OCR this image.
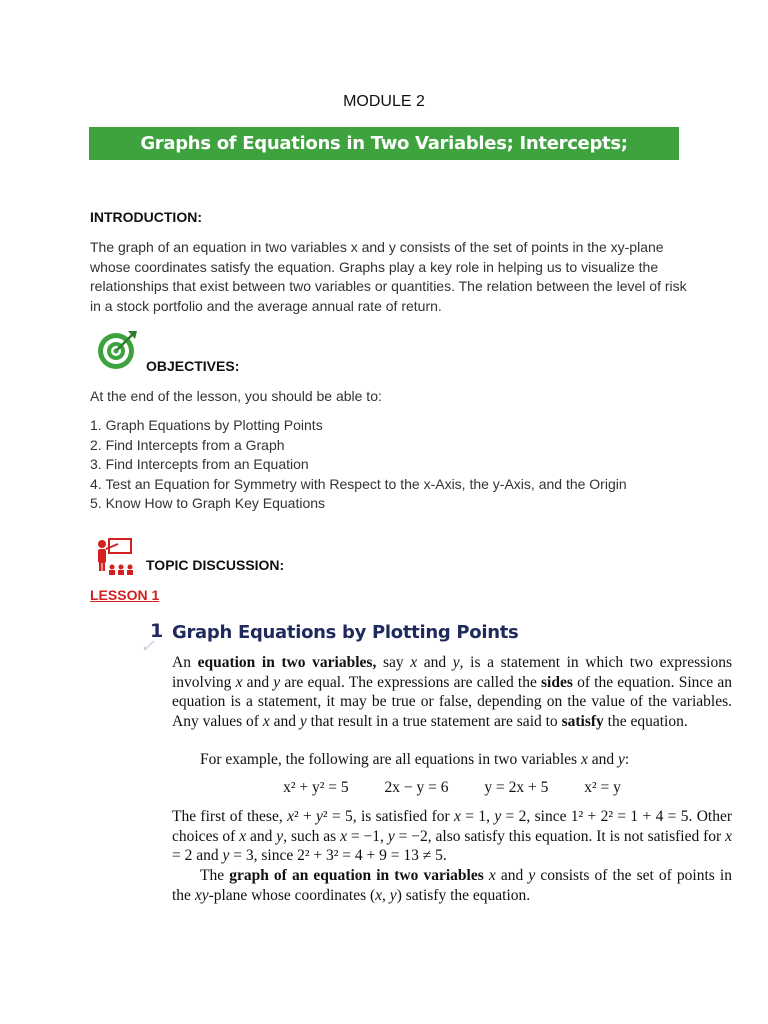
MODULE 2
Graphs of Equations in Two Variables; Intercepts; Symmetry
INTRODUCTION:
The graph of an equation in two variables x and y consists of the set of points in the xy-plane whose coordinates satisfy the equation. Graphs play a key role in helping us to visualize the relationships that exist between two variables or quantities. The relation between the level of risk in a stock portfolio and the average annual rate of return.
OBJECTIVES:
At the end of the lesson, you should be able to:
1. Graph Equations by Plotting Points
2. Find Intercepts from a Graph
3. Find Intercepts from an Equation
4. Test an Equation for Symmetry with Respect to the x-Axis, the y-Axis, and the Origin
5. Know How to Graph Key Equations
TOPIC DISCUSSION:
LESSON 1
✓
1 Graph Equations by Plotting Points
An equation in two variables, say x and y, is a statement in which two expressions involving x and y are equal. The expressions are called the sides of the equation. Since an equation is a statement, it may be true or false, depending on the value of the variables. Any values of x and y that result in a true statement are said to satisfy the equation.
For example, the following are all equations in two variables x and y:
x² + y² = 5 2x − y = 6 y = 2x + 5 x² = y
The first of these, x² + y² = 5, is satisfied for x = 1, y = 2, since 1² + 2² = 1 + 4 = 5. Other choices of x and y, such as x = −1, y = −2, also satisfy this equation. It is not satisfied for x = 2 and y = 3, since 2² + 3² = 4 + 9 = 13 ≠ 5.
The graph of an equation in two variables x and y consists of the set of points in the xy-plane whose coordinates (x, y) satisfy the equation.
